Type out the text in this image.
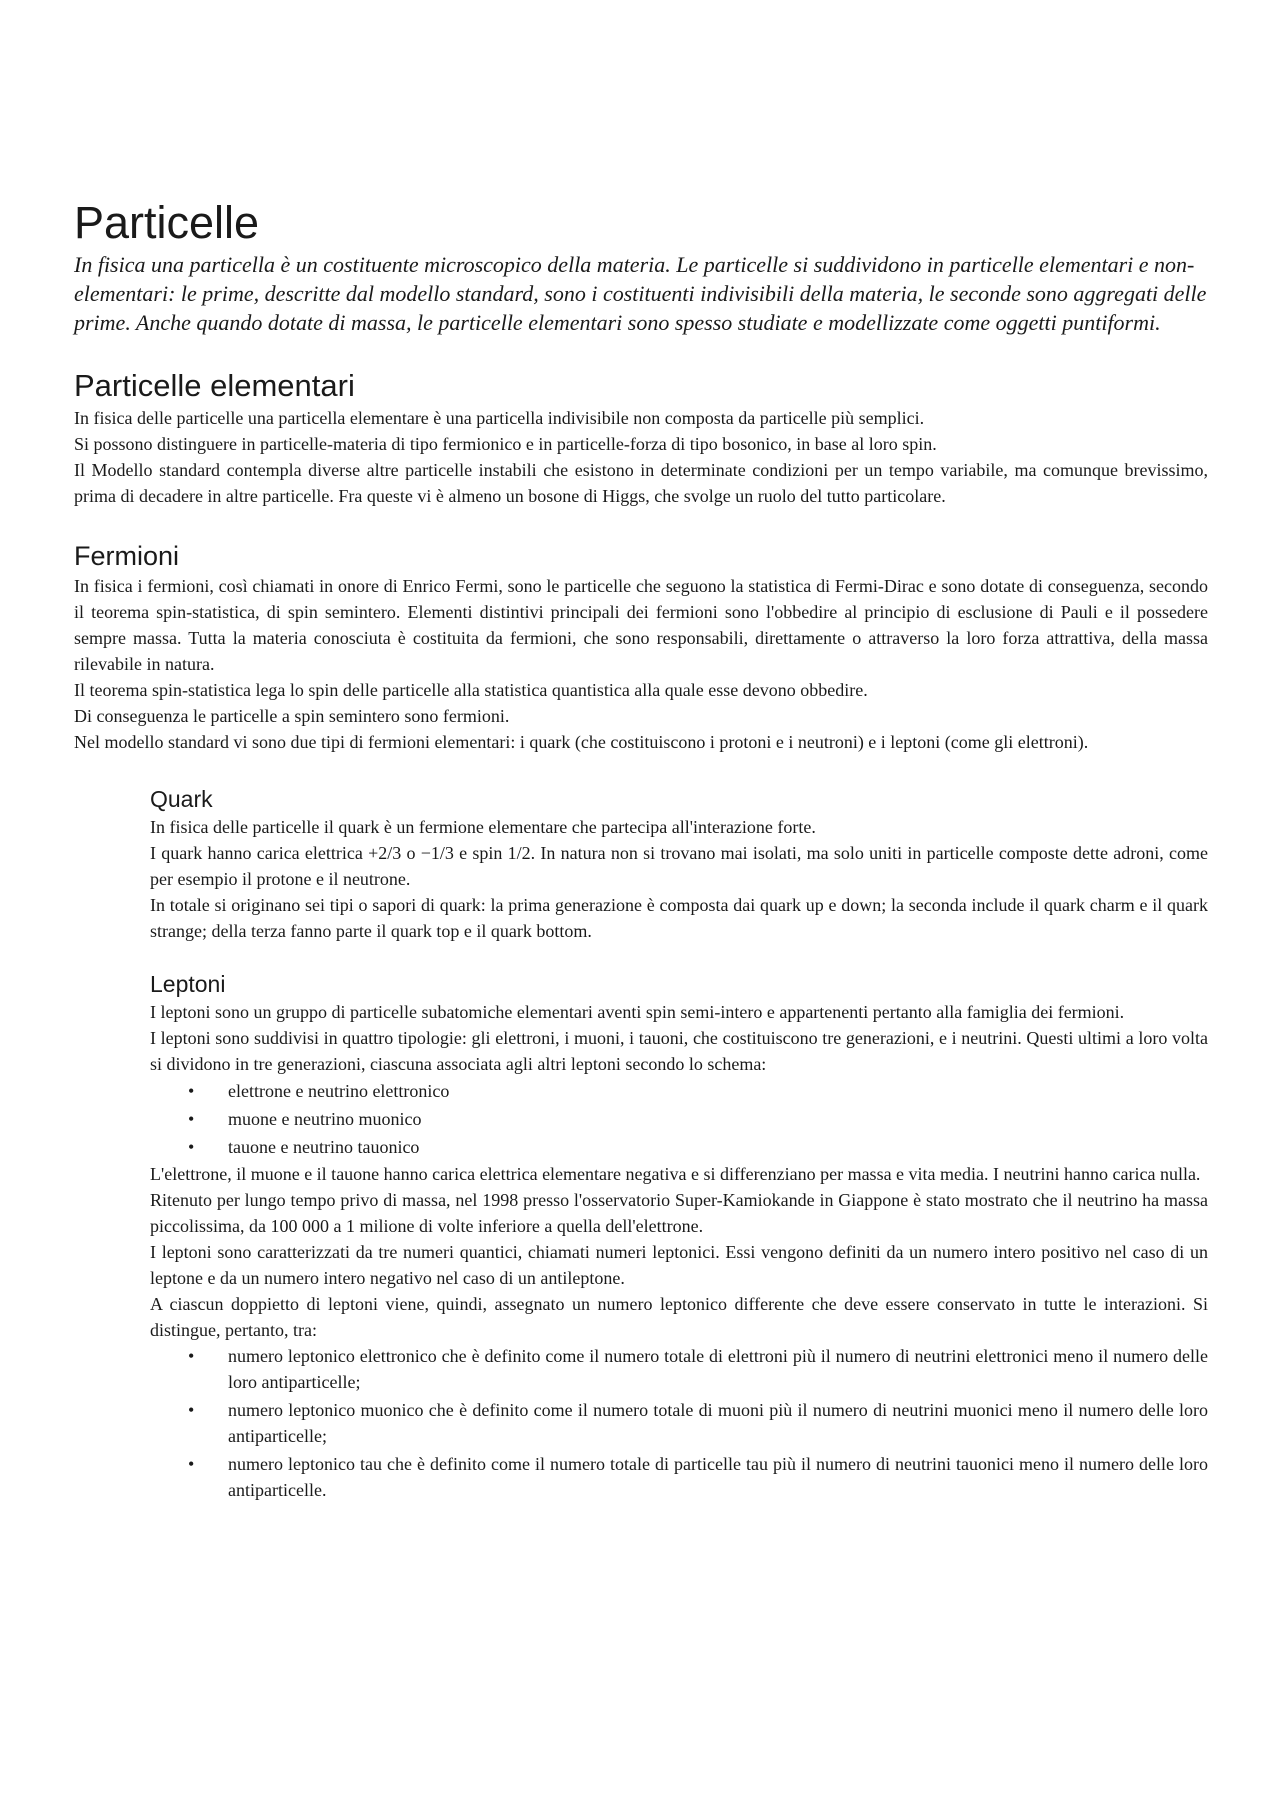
Particelle

In fisica una particella è un costituente microscopico della materia. Le particelle si suddividono in particelle elementari e non-elementari: le prime, descritte dal modello standard, sono i costituenti indivisibili della materia, le seconde sono aggregati delle prime. Anche quando dotate di massa, le particelle elementari sono spesso studiate e modellizzate come oggetti puntiformi.

Particelle elementari

In fisica delle particelle una particella elementare è una particella indivisibile non composta da particelle più semplici.

Si possono distinguere in particelle-materia di tipo fermionico e in particelle-forza di tipo bosonico, in base al loro spin.

Il Modello standard contempla diverse altre particelle instabili che esistono in determinate condizioni per un tempo variabile, ma comunque brevissimo, prima di decadere in altre particelle. Fra queste vi è almeno un bosone di Higgs, che svolge un ruolo del tutto particolare.

Fermioni

In fisica i fermioni, così chiamati in onore di Enrico Fermi, sono le particelle che seguono la statistica di Fermi-Dirac e sono dotate di conseguenza, secondo il teorema spin-statistica, di spin semintero. Elementi distintivi principali dei fermioni sono l'obbedire al principio di esclusione di Pauli e il possedere sempre massa. Tutta la materia conosciuta è costituita da fermioni, che sono responsabili, direttamente o attraverso la loro forza attrattiva, della massa rilevabile in natura.

Il teorema spin-statistica lega lo spin delle particelle alla statistica quantistica alla quale esse devono obbedire.

Di conseguenza le particelle a spin semintero sono fermioni.

Nel modello standard vi sono due tipi di fermioni elementari: i quark (che costituiscono i protoni e i neutroni) e i leptoni (come gli elettroni).

Quark

In fisica delle particelle il quark è un fermione elementare che partecipa all'interazione forte.

I quark hanno carica elettrica +2/3 o −1/3 e spin 1/2. In natura non si trovano mai isolati, ma solo uniti in particelle composte dette adroni, come per esempio il protone e il neutrone.

In totale si originano sei tipi o sapori di quark: la prima generazione è composta dai quark up e down; la seconda include il quark charm e il quark strange; della terza fanno parte il quark top e il quark bottom.

Leptoni

I leptoni sono un gruppo di particelle subatomiche elementari aventi spin semi-intero e appartenenti pertanto alla famiglia dei fermioni.

I leptoni sono suddivisi in quattro tipologie: gli elettroni, i muoni, i tauoni, che costituiscono tre generazioni, e i neutrini. Questi ultimi a loro volta si dividono in tre generazioni, ciascuna associata agli altri leptoni secondo lo schema:

• elettrone e neutrino elettronico
• muone e neutrino muonico
• tauone e neutrino tauonico

L'elettrone, il muone e il tauone hanno carica elettrica elementare negativa e si differenziano per massa e vita media. I neutrini hanno carica nulla.

Ritenuto per lungo tempo privo di massa, nel 1998 presso l'osservatorio Super-Kamiokande in Giappone è stato mostrato che il neutrino ha massa piccolissima, da 100 000 a 1 milione di volte inferiore a quella dell'elettrone.

I leptoni sono caratterizzati da tre numeri quantici, chiamati numeri leptonici. Essi vengono definiti da un numero intero positivo nel caso di un leptone e da un numero intero negativo nel caso di un antileptone.

A ciascun doppietto di leptoni viene, quindi, assegnato un numero leptonico differente che deve essere conservato in tutte le interazioni. Si distingue, pertanto, tra:

• numero leptonico elettronico che è definito come il numero totale di elettroni più il numero di neutrini elettronici meno il numero delle loro antiparticelle;
• numero leptonico muonico che è definito come il numero totale di muoni più il numero di neutrini muonici meno il numero delle loro antiparticelle;
• numero leptonico tau che è definito come il numero totale di particelle tau più il numero di neutrini tauonici meno il numero delle loro antiparticelle.
